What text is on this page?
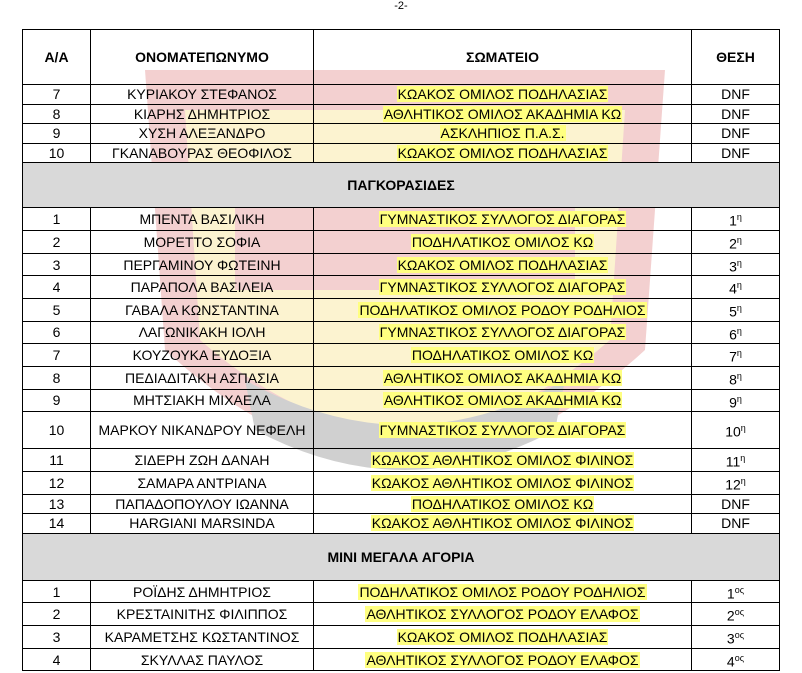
-2-
Α/Α	ΟΝΟΜΑΤΕΠΩΝΥΜΟ	ΣΩΜΑΤΕΙΟ	ΘΕΣΗ
7	ΚΥΡΙΑΚΟΥ ΣΤΕΦΑΝΟΣ	ΚΩΑΚΟΣ ΟΜΙΛΟΣ ΠΟΔΗΛΑΣΙΑΣ	DNF
8	ΚΙΑΡΗΣ ΔΗΜΗΤΡΙΟΣ	ΑΘΛΗΤΙΚΟΣ ΟΜΙΛΟΣ ΑΚΑΔΗΜΙΑ ΚΩ	DNF
9	ΧΥΣΗ ΑΛΕΞΑΝΔΡΟ	ΑΣΚΛΗΠΙΟΣ Π.Α.Σ.	DNF
10	ΓΚΑΝΑΒΟΥΡΑΣ ΘΕΟΦΙΛΟΣ	ΚΩΑΚΟΣ ΟΜΙΛΟΣ ΠΟΔΗΛΑΣΙΑΣ	DNF
ΠΑΓΚΟΡΑΣΙΔΕΣ			
1	ΜΠΕΝΤΑ ΒΑΣΙΛΙΚΗ	ΓΥΜΝΑΣΤΙΚΟΣ ΣΥΛΛΟΓΟΣ ΔΙΑΓΟΡΑΣ	$1^\eta$
2	ΜΟΡΕΤΤΟ ΣΟΦΙΑ	ΠΟΔΗΛΑΤΙΚΟΣ ΟΜΙΛΟΣ ΚΩ	$2^\eta$
3	ΠΕΡΓΑΜΙΝΟΥ ΦΩΤΕΙΝΗ	ΚΩΑΚΟΣ ΟΜΙΛΟΣ ΠΟΔΗΛΑΣΙΑΣ	$3^\eta$
4	ΠΑΡΑΠΟΛΑ ΒΑΣΙΛΕΙΑ	ΓΥΜΝΑΣΤΙΚΟΣ ΣΥΛΛΟΓΟΣ ΔΙΑΓΟΡΑΣ	$4^\eta$
5	ΓΑΒΑΛΑ ΚΩΝΣΤΑΝΤΙΝΑ	ΠΟΔΗΛΑΤΙΚΟΣ ΟΜΙΛΟΣ ΡΟΔΟΥ ΡΟΔΗΛΙΟΣ	$5^\eta$
6	ΛΑΓΩΝΙΚΑΚΗ ΙΟΛΗ	ΓΥΜΝΑΣΤΙΚΟΣ ΣΥΛΛΟΓΟΣ ΔΙΑΓΟΡΑΣ	$6^\eta$
7	ΚΟΥΖΟΥΚΑ ΕΥΔΟΞΙΑ	ΠΟΔΗΛΑΤΙΚΟΣ ΟΜΙΛΟΣ ΚΩ	$7^\eta$
8	ΠΕΔΙΑΔΙΤΑΚΗ ΑΣΠΑΣΙΑ	ΑΘΛΗΤΙΚΟΣ ΟΜΙΛΟΣ ΑΚΑΔΗΜΙΑ ΚΩ	$8^\eta$
9	ΜΗΤΣΙΑΚΗ ΜΙΧΑΕΛΑ	ΑΘΛΗΤΙΚΟΣ ΟΜΙΛΟΣ ΑΚΑΔΗΜΙΑ ΚΩ	$9^\eta$
10	ΜΑΡΚΟΥ ΝΙΚΑΝΔΡΟΥ ΝΕΦΕΛΗ	ΓΥΜΝΑΣΤΙΚΟΣ ΣΥΛΛΟΓΟΣ ΔΙΑΓΟΡΑΣ	$10^\eta$
11	ΣΙΔΕΡΗ ΖΩΗ ΔΑΝΑΗ	ΚΩΑΚΟΣ ΑΘΛΗΤΙΚΟΣ ΟΜΙΛΟΣ ΦΙΛΙΝΟΣ	$11^\eta$
12	ΣΑΜΑΡΑ ΑΝΤΡΙΑΝΑ	ΚΩΑΚΟΣ ΑΘΛΗΤΙΚΟΣ ΟΜΙΛΟΣ ΦΙΛΙΝΟΣ	$12^\eta$
13	ΠΑΠΑΔΟΠΟΥΛΟΥ ΙΩΑΝΝΑ	ΠΟΔΗΛΑΤΙΚΟΣ ΟΜΙΛΟΣ ΚΩ	DNF
14	HARGIANI MARSINDA	ΚΩΑΚΟΣ ΑΘΛΗΤΙΚΟΣ ΟΜΙΛΟΣ ΦΙΛΙΝΟΣ	DNF
ΜΙΝΙ ΜΕΓΑΛΑ ΑΓΟΡΙΑ			
1	ΡΟΪΔΗΣ ΔΗΜΗΤΡΙΟΣ	ΠΟΔΗΛΑΤΙΚΟΣ ΟΜΙΛΟΣ ΡΟΔΟΥ ΡΟΔΗΛΙΟΣ	$1^{o\varsigma}$
2	ΚΡΕΣΤΑΙΝΙΤΗΣ ΦΙΛΙΠΠΟΣ	ΑΘΛΗΤΙΚΟΣ ΣΥΛΛΟΓΟΣ ΡΟΔΟΥ ΕΛΑΦΟΣ	$2^{o\varsigma}$
3	ΚΑΡΑΜΕΤΣΗΣ ΚΩΣΤΑΝΤΙΝΟΣ	ΚΩΑΚΟΣ ΟΜΙΛΟΣ ΠΟΔΗΛΑΣΙΑΣ	$3^{o\varsigma}$
4	ΣΚΥΛΛΑΣ ΠΑΥΛΟΣ	ΑΘΛΗΤΙΚΟΣ ΣΥΛΛΟΓΟΣ ΡΟΔΟΥ ΕΛΑΦΟΣ	$4^{o\varsigma}$
